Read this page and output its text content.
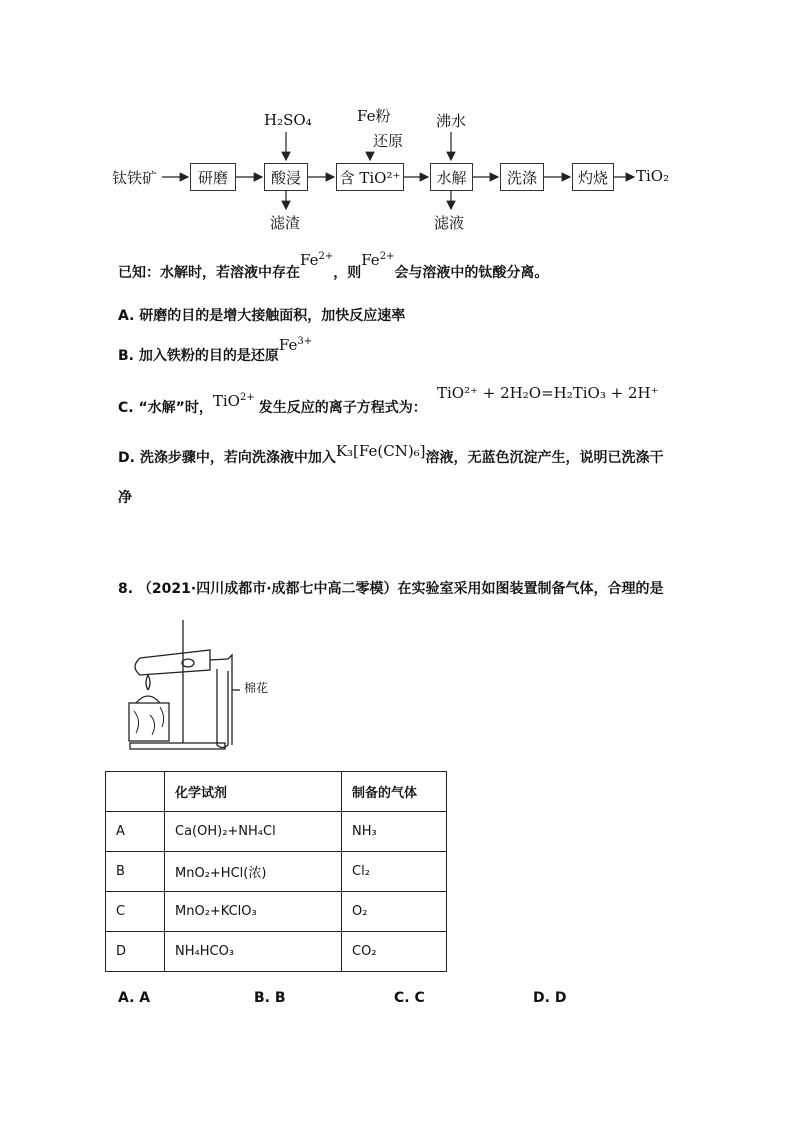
钛铁矿	研磨	酸浸	含 TiO²⁺	水解	洗涤	灼烧	TiO₂
H₂SO₄	Fe粉
还原
沸水
滤渣	滤液
已知：水解时，若溶液中存在$Fe^{2+}$，则$Fe^{2+}$会与溶液中的钛酸分离。
A. 研磨的目的是增大接触面积，加快反应速率
B. 加入铁粉的目的是还原$Fe^{3+}$
C. “水解”时，TiO$^{2+}$发生反应的离子方程式为：
TiO²⁺ + 2H₂O=H₂TiO₃ + 2H⁺
D. 洗涤步骤中，若向洗涤液中加入K₃[Fe(CN)₆]溶液，无蓝色沉淀产生，说明已洗涤干
净
8. （2021·四川成都市·成都七中高二零模）在实验室采用如图装置制备气体，合理的是
棉花
	化学试剂	制备的气体
A	Ca(OH)₂+NH₄Cl	NH₃
B	MnO₂+HCl(浓)	Cl₂
C	MnO₂+KClO₃	O₂
D	NH₄HCO₃	CO₂
A. A	B. B	C. C	D. D
